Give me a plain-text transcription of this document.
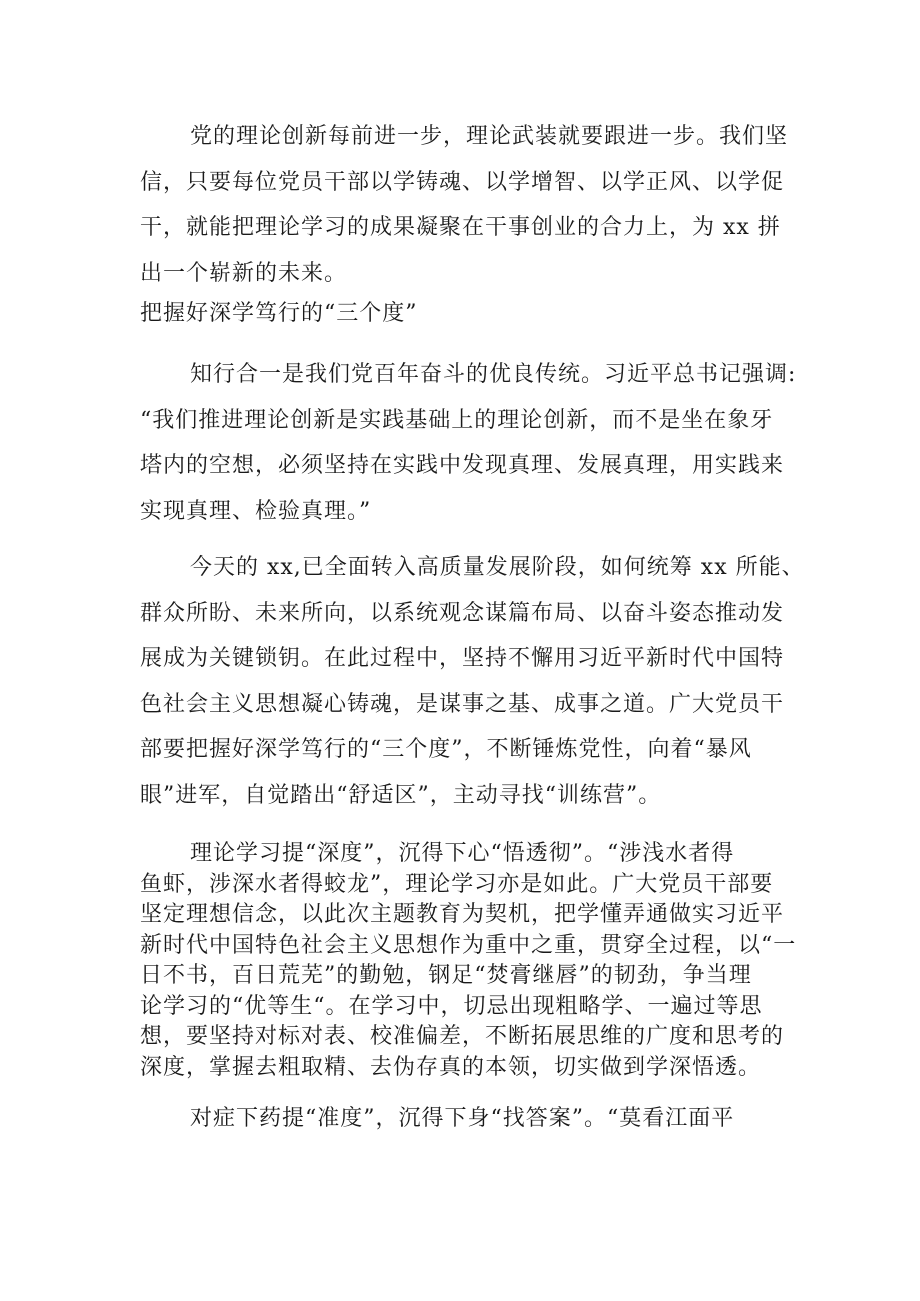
党的理论创新每前进一步，理论武装就要跟进一步。我们坚
信，只要每位党员干部以学铸魂、以学增智、以学正风、以学促
干，就能把理论学习的成果凝聚在干事创业的合力上，为 xx 拼
出一个崭新的未来。
把握好深学笃行的“三个度”
知行合一是我们党百年奋斗的优良传统。习近平总书记强调:
“我们推进理论创新是实践基础上的理论创新，而不是坐在象牙
塔内的空想，必须坚持在实践中发现真理、发展真理，用实践来
实现真理、检验真理。”
今天的 xx,已全面转入高质量发展阶段，如何统筹 xx 所能、
群众所盼、未来所向，以系统观念谋篇布局、以奋斗姿态推动发
展成为关键锁钥。在此过程中，坚持不懈用习近平新时代中国特
色社会主义思想凝心铸魂，是谋事之基、成事之道。广大党员干
部要把握好深学笃行的“三个度”，不断锤炼党性，向着“暴风
眼”进军，自觉踏出“舒适区”，主动寻找“训练营”。
理论学习提“深度”，沉得下心“悟透彻”。“涉浅水者得
鱼虾，涉深水者得蛟龙”，理论学习亦是如此。广大党员干部要
坚定理想信念，以此次主题教育为契机，把学懂弄通做实习近平
新时代中国特色社会主义思想作为重中之重，贯穿全过程，以“一
日不书，百日荒芜”的勤勉，钢足“焚膏继唇”的韧劲，争当理
论学习的“优等生“。在学习中，切忌出现粗略学、一遍过等思
想，要坚持对标对表、校准偏差，不断拓展思维的广度和思考的
深度，掌握去粗取精、去伪存真的本领，切实做到学深悟透。
对症下药提“准度”，沉得下身“找答案”。“莫看江面平
